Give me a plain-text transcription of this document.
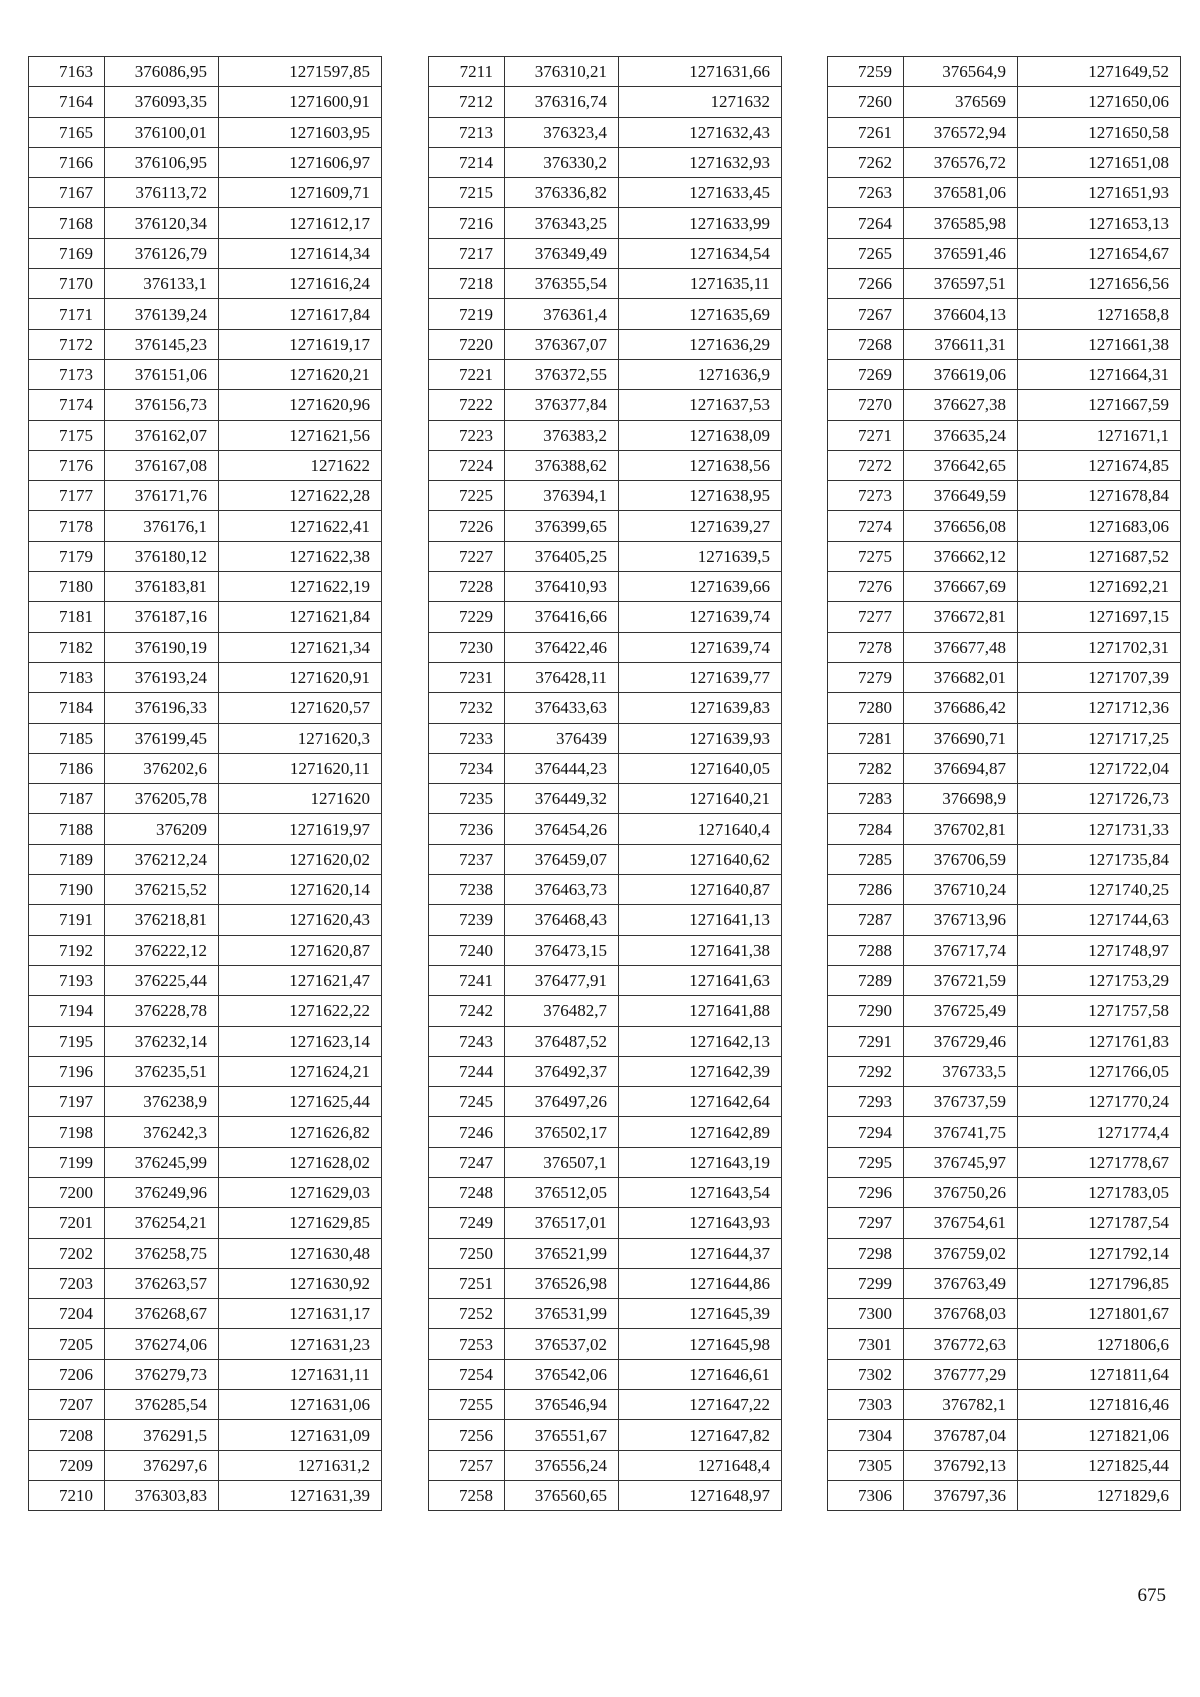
7163	376086,95	1271597,85
7164	376093,35	1271600,91
7165	376100,01	1271603,95
7166	376106,95	1271606,97
7167	376113,72	1271609,71
7168	376120,34	1271612,17
7169	376126,79	1271614,34
7170	376133,1	1271616,24
7171	376139,24	1271617,84
7172	376145,23	1271619,17
7173	376151,06	1271620,21
7174	376156,73	1271620,96
7175	376162,07	1271621,56
7176	376167,08	1271622
7177	376171,76	1271622,28
7178	376176,1	1271622,41
7179	376180,12	1271622,38
7180	376183,81	1271622,19
7181	376187,16	1271621,84
7182	376190,19	1271621,34
7183	376193,24	1271620,91
7184	376196,33	1271620,57
7185	376199,45	1271620,3
7186	376202,6	1271620,11
7187	376205,78	1271620
7188	376209	1271619,97
7189	376212,24	1271620,02
7190	376215,52	1271620,14
7191	376218,81	1271620,43
7192	376222,12	1271620,87
7193	376225,44	1271621,47
7194	376228,78	1271622,22
7195	376232,14	1271623,14
7196	376235,51	1271624,21
7197	376238,9	1271625,44
7198	376242,3	1271626,82
7199	376245,99	1271628,02
7200	376249,96	1271629,03
7201	376254,21	1271629,85
7202	376258,75	1271630,48
7203	376263,57	1271630,92
7204	376268,67	1271631,17
7205	376274,06	1271631,23
7206	376279,73	1271631,11
7207	376285,54	1271631,06
7208	376291,5	1271631,09
7209	376297,6	1271631,2
7210	376303,83	1271631,39
7211	376310,21	1271631,66
7212	376316,74	1271632
7213	376323,4	1271632,43
7214	376330,2	1271632,93
7215	376336,82	1271633,45
7216	376343,25	1271633,99
7217	376349,49	1271634,54
7218	376355,54	1271635,11
7219	376361,4	1271635,69
7220	376367,07	1271636,29
7221	376372,55	1271636,9
7222	376377,84	1271637,53
7223	376383,2	1271638,09
7224	376388,62	1271638,56
7225	376394,1	1271638,95
7226	376399,65	1271639,27
7227	376405,25	1271639,5
7228	376410,93	1271639,66
7229	376416,66	1271639,74
7230	376422,46	1271639,74
7231	376428,11	1271639,77
7232	376433,63	1271639,83
7233	376439	1271639,93
7234	376444,23	1271640,05
7235	376449,32	1271640,21
7236	376454,26	1271640,4
7237	376459,07	1271640,62
7238	376463,73	1271640,87
7239	376468,43	1271641,13
7240	376473,15	1271641,38
7241	376477,91	1271641,63
7242	376482,7	1271641,88
7243	376487,52	1271642,13
7244	376492,37	1271642,39
7245	376497,26	1271642,64
7246	376502,17	1271642,89
7247	376507,1	1271643,19
7248	376512,05	1271643,54
7249	376517,01	1271643,93
7250	376521,99	1271644,37
7251	376526,98	1271644,86
7252	376531,99	1271645,39
7253	376537,02	1271645,98
7254	376542,06	1271646,61
7255	376546,94	1271647,22
7256	376551,67	1271647,82
7257	376556,24	1271648,4
7258	376560,65	1271648,97
7259	376564,9	1271649,52
7260	376569	1271650,06
7261	376572,94	1271650,58
7262	376576,72	1271651,08
7263	376581,06	1271651,93
7264	376585,98	1271653,13
7265	376591,46	1271654,67
7266	376597,51	1271656,56
7267	376604,13	1271658,8
7268	376611,31	1271661,38
7269	376619,06	1271664,31
7270	376627,38	1271667,59
7271	376635,24	1271671,1
7272	376642,65	1271674,85
7273	376649,59	1271678,84
7274	376656,08	1271683,06
7275	376662,12	1271687,52
7276	376667,69	1271692,21
7277	376672,81	1271697,15
7278	376677,48	1271702,31
7279	376682,01	1271707,39
7280	376686,42	1271712,36
7281	376690,71	1271717,25
7282	376694,87	1271722,04
7283	376698,9	1271726,73
7284	376702,81	1271731,33
7285	376706,59	1271735,84
7286	376710,24	1271740,25
7287	376713,96	1271744,63
7288	376717,74	1271748,97
7289	376721,59	1271753,29
7290	376725,49	1271757,58
7291	376729,46	1271761,83
7292	376733,5	1271766,05
7293	376737,59	1271770,24
7294	376741,75	1271774,4
7295	376745,97	1271778,67
7296	376750,26	1271783,05
7297	376754,61	1271787,54
7298	376759,02	1271792,14
7299	376763,49	1271796,85
7300	376768,03	1271801,67
7301	376772,63	1271806,6
7302	376777,29	1271811,64
7303	376782,1	1271816,46
7304	376787,04	1271821,06
7305	376792,13	1271825,44
7306	376797,36	1271829,6
675
